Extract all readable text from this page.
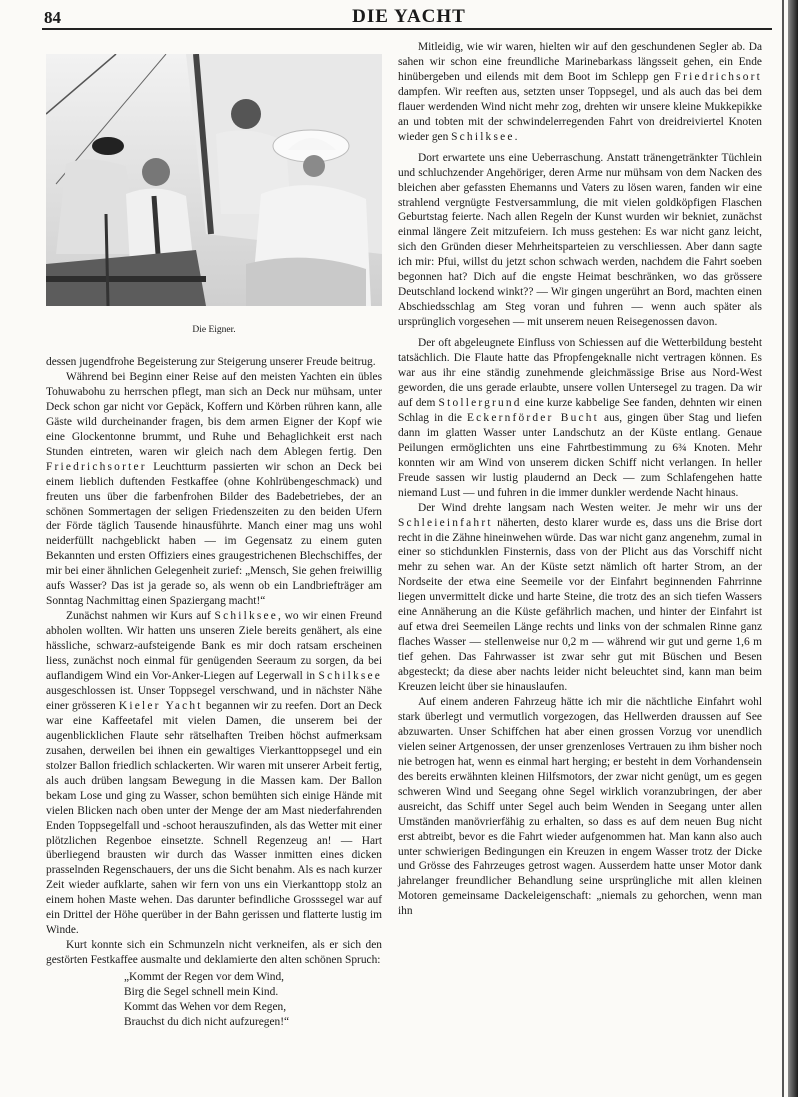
84	DIE YACHT
Die Eigner.

dessen jugendfrohe Begeisterung zur Steigerung unserer Freude beitrug.

Während bei Beginn einer Reise auf den meisten Yachten ein übles Tohuwabohu zu herrschen pflegt, man sich an Deck nur mühsam, unter Deck schon gar nicht vor Gepäck, Koffern und Körben rühren kann, alle Gäste wild durcheinander fragen, bis dem armen Eigner der Kopf wie eine Glockentonne brummt, und Ruhe und Behaglichkeit erst nach Stunden eintreten, waren wir gleich nach dem Ablegen fertig. Den Friedrichsorter Leuchtturm passierten wir schon an Deck bei einem lieblich duftenden Festkaffee (ohne Kohlrübengeschmack) und freuten uns über die farbenfrohen Bilder des Badebetriebes, der an schönen Sommertagen der seligen Friedenszeiten zu den beiden Ufern der Förde täglich Tausende hinausführte. Manch einer mag uns wohl neiderfüllt nachgeblickt haben — im Gegensatz zu einem guten Bekannten und ersten Offiziers eines graugestrichenen Blechschiffes, der mir bei einer ähnlichen Gelegenheit zurief: „Mensch, Sie gehen freiwillig aufs Wasser? Das ist ja gerade so, als wenn ob ein Landbriefträger am Sonntag Nachmittag einen Spaziergang macht!“

Zunächst nahmen wir Kurs auf Schilksee, wo wir einen Freund abholen wollten. Wir hatten uns unseren Ziele bereits genähert, als eine hässliche, schwarz-aufsteigende Bank es mir doch ratsam erscheinen liess, zunächst noch einmal für genügenden Seeraum zu sorgen, da bei auflandigem Wind ein Vor-Anker-Liegen auf Legerwall in Schilksee ausgeschlossen ist. Unser Toppsegel verschwand, und in nächster Nähe einer grösseren Kieler Yacht begannen wir zu reefen. Dort an Deck war eine Kaffeetafel mit vielen Damen, die unserem bei der augenblicklichen Flaute sehr rätselhaften Treiben höchst aufmerksam zusahen, derweilen bei ihnen ein gewaltiges Vierkanttoppsegel und ein stolzer Ballon friedlich schlackerten. Wir waren mit unserer Arbeit fertig, als auch drüben langsam Bewegung in die Massen kam. Der Ballon bekam Lose und ging zu Wasser, schon bemühten sich einige Hände mit vielen Blicken nach oben unter der Menge der am Mast niederfahrenden Enden Toppsegelfall und -schoot herauszufinden, als das Wetter mit einer plötzlichen Regenboe einsetzte. Schnell Regenzeug an! — Hart überliegend brausten wir durch das Wasser inmitten eines dicken prasselnden Regenschauers, der uns die Sicht benahm. Als es nach kurzer Zeit wieder aufklarte, sahen wir fern von uns ein Vierkanttopp stolz an einem hohen Maste wehen. Das darunter befindliche Grosssegel war auf ein Drittel der Höhe querüber in der Bahn gerissen und flatterte lustig im Winde.

Kurt konnte sich ein Schmunzeln nicht verkneifen, als er sich den gestörten Festkaffee ausmalte und deklamierte den alten schönen Spruch:

„Kommt der Regen vor dem Wind,
Birg die Segel schnell mein Kind.
Kommt das Wehen vor dem Regen,
Brauchst du dich nicht aufzuregen!“

Mitleidig, wie wir waren, hielten wir auf den geschundenen Segler ab. Da sahen wir schon eine freundliche Marinebarkass längsseit gehen, ein Ende hinübergeben und eilends mit dem Boot im Schlepp gen Friedrichsort dampfen. Wir reeften aus, setzten unser Toppsegel, und als auch das bei dem flauer werdenden Wind nicht mehr zog, drehten wir unsere kleine Mukkepikke an und tobten mit der schwindelerregenden Fahrt von dreidreiviertel Knoten wieder gen Schilksee.

Dort erwartete uns eine Ueberraschung. Anstatt tränengetränkter Tüchlein und schluchzender Angehöriger, deren Arme nur mühsam von dem Nacken des bleichen aber gefassten Ehemanns und Vaters zu lösen waren, fanden wir eine strahlend vergnügte Festversammlung, die mit vielen goldköpfigen Flaschen Geburtstag feierte. Nach allen Regeln der Kunst wurden wir bekniet, zunächst einmal längere Zeit mitzufeiern. Ich muss gestehen: Es war nicht ganz leicht, sich den Gründen dieser Mehrheitsparteien zu verschliessen. Aber dann sagte ich mir: Pfui, willst du jetzt schon schwach werden, nachdem die Fahrt soeben begonnen hat? Dich auf die engste Heimat beschränken, wo das grössere Deutschland lockend winkt?? — Wir gingen ungerührt an Bord, machten einen Abschiedsschlag am Steg voran und fuhren — wenn auch später als ursprünglich vorgesehen — mit unserem neuen Reisegenossen davon.

Der oft abgeleugnete Einfluss von Schiessen auf die Wetterbildung besteht tatsächlich. Die Flaute hatte das Pfropfengeknalle nicht vertragen können. Es war aus ihr eine ständig zunehmende gleichmässige Brise aus Nord-West geworden, die uns gerade erlaubte, unsere vollen Untersegel zu tragen. Da wir auf dem Stollergrund eine kurze kabbelige See fanden, dehnten wir einen Schlag in die Eckernförder Bucht aus, gingen über Stag und liefen dann im glatten Wasser unter Landschutz an der Küste entlang. Genaue Peilungen ermöglichten uns eine Fahrtbestimmung zu 6¾ Knoten. Mehr konnten wir am Wind von unserem dicken Schiff nicht verlangen. In heller Freude sassen wir lustig plaudernd an Deck — zum Schlafengehen hatte niemand Lust — und fuhren in die immer dunkler werdende Nacht hinaus.

Der Wind drehte langsam nach Westen weiter. Je mehr wir uns der Schleieinfahrt näherten, desto klarer wurde es, dass uns die Brise dort recht in die Zähne hineinwehen würde. Das war nicht ganz angenehm, zumal in einer so stichdunklen Finsternis, dass von der Plicht aus das Vorschiff nicht mehr zu sehen war. An der Küste setzt nämlich oft harter Strom, an der Nordseite der etwa eine Seemeile vor der Einfahrt beginnenden Fahrrinne liegen unvermittelt dicke und harte Steine, die trotz des an sich tiefen Wassers eine Annäherung an die Küste gefährlich machen, und hinter der Einfahrt ist auf etwa drei Seemeilen Länge rechts und links von der schmalen Rinne ganz flaches Wasser — stellenweise nur 0,2 m — während wir gut und gerne 1,6 m tief gehen. Das Fahrwasser ist zwar sehr gut mit Büschen und Besen abgesteckt; da diese aber nachts leider nicht beleuchtet sind, kann man beim Kreuzen leicht über sie hinauslaufen.

Auf einem anderen Fahrzeug hätte ich mir die nächtliche Einfahrt wohl stark überlegt und vermutlich vorgezogen, das Hellwerden draussen auf See abzuwarten. Unser Schiffchen hat aber einen grossen Vorzug vor unendlich vielen seiner Artgenossen, der unser grenzenloses Vertrauen zu ihm bisher noch nie betrogen hat, wenn es einmal hart herging; er besteht in dem Vorhandensein des bereits erwähnten kleinen Hilfsmotors, der zwar nicht genügt, um es gegen schweren Wind und Seegang ohne Segel wirklich voranzubringen, der aber ausreicht, das Schiff unter Segel auch beim Wenden in Seegang unter allen Umständen manövrierfähig zu erhalten, so dass es auf dem neuen Bug nicht erst abtreibt, bevor es die Fahrt wieder aufgenommen hat. Man kann also auch unter schwierigen Bedingungen ein Kreuzen in engem Wasser trotz der Dicke und Grösse des Fahrzeuges getrost wagen. Ausserdem hatte unser Motor dank jahrelanger freundlicher Behandlung seine ursprüngliche mit allen kleinen Motoren gemeinsame Dackeleigenschaft: „niemals zu gehorchen, wenn man ihn
